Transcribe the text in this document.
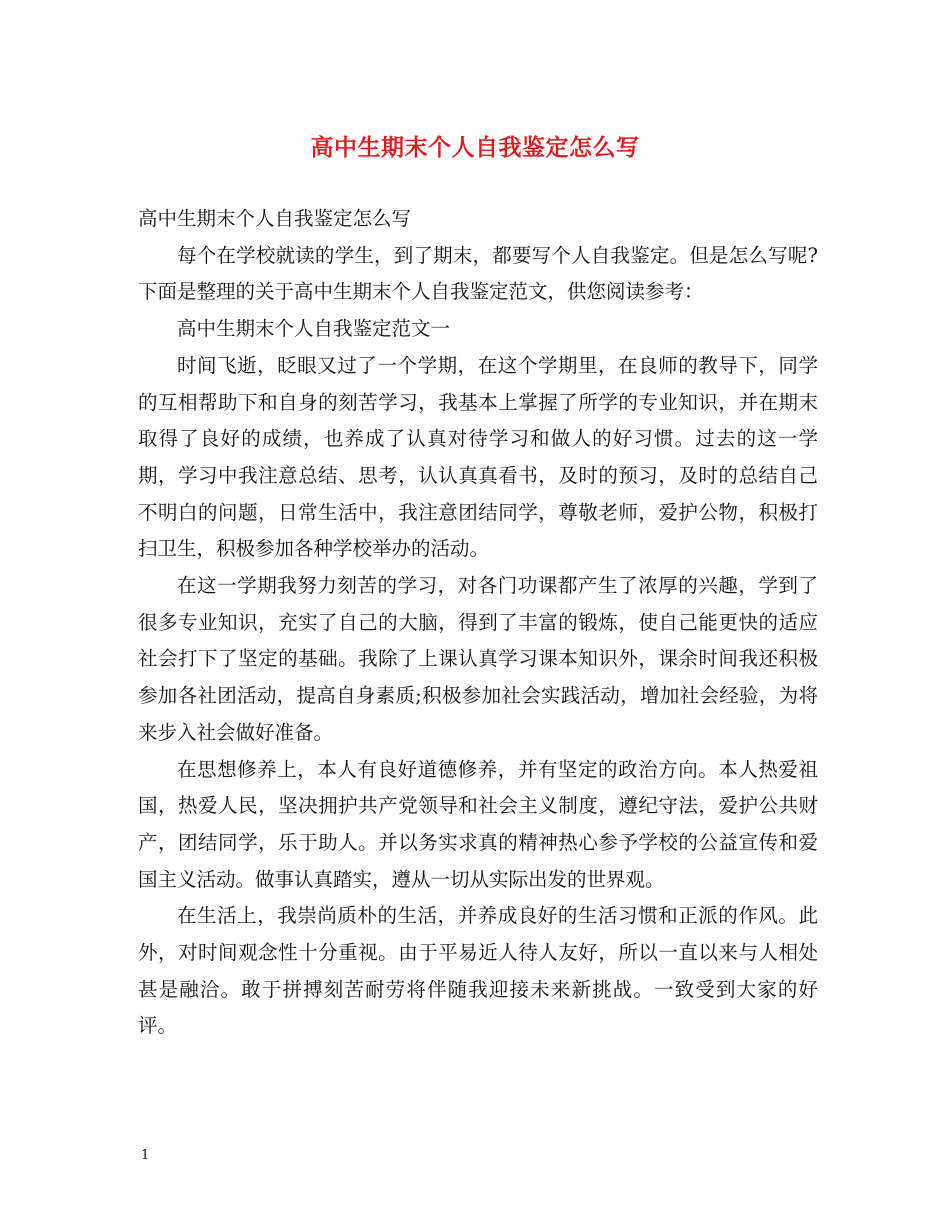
高中生期末个人自我鉴定怎么写

高中生期末个人自我鉴定怎么写

每个在学校就读的学生，到了期末，都要写个人自我鉴定。但是怎么写呢?下面是整理的关于高中生期末个人自我鉴定范文，供您阅读参考：

高中生期末个人自我鉴定范文一

时间飞逝，眨眼又过了一个学期，在这个学期里，在良师的教导下，同学的互相帮助下和自身的刻苦学习，我基本上掌握了所学的专业知识，并在期末取得了良好的成绩，也养成了认真对待学习和做人的好习惯。过去的这一学期，学习中我注意总结、思考，认认真真看书，及时的预习，及时的总结自己不明白的问题，日常生活中，我注意团结同学，尊敬老师，爱护公物，积极打扫卫生，积极参加各种学校举办的活动。

在这一学期我努力刻苦的学习，对各门功课都产生了浓厚的兴趣，学到了很多专业知识，充实了自己的大脑，得到了丰富的锻炼，使自己能更快的适应社会打下了坚定的基础。我除了上课认真学习课本知识外，课余时间我还积极参加各社团活动，提高自身素质;积极参加社会实践活动，增加社会经验，为将来步入社会做好准备。

在思想修养上，本人有良好道德修养，并有坚定的政治方向。本人热爱祖国，热爱人民，坚决拥护共产党领导和社会主义制度，遵纪守法，爱护公共财产，团结同学，乐于助人。并以务实求真的精神热心参予学校的公益宣传和爱国主义活动。做事认真踏实，遵从一切从实际出发的世界观。

在生活上，我崇尚质朴的生活，并养成良好的生活习惯和正派的作风。此外，对时间观念性十分重视。由于平易近人待人友好，所以一直以来与人相处甚是融洽。敢于拼搏刻苦耐劳将伴随我迎接未来新挑战。一致受到大家的好评。

1
